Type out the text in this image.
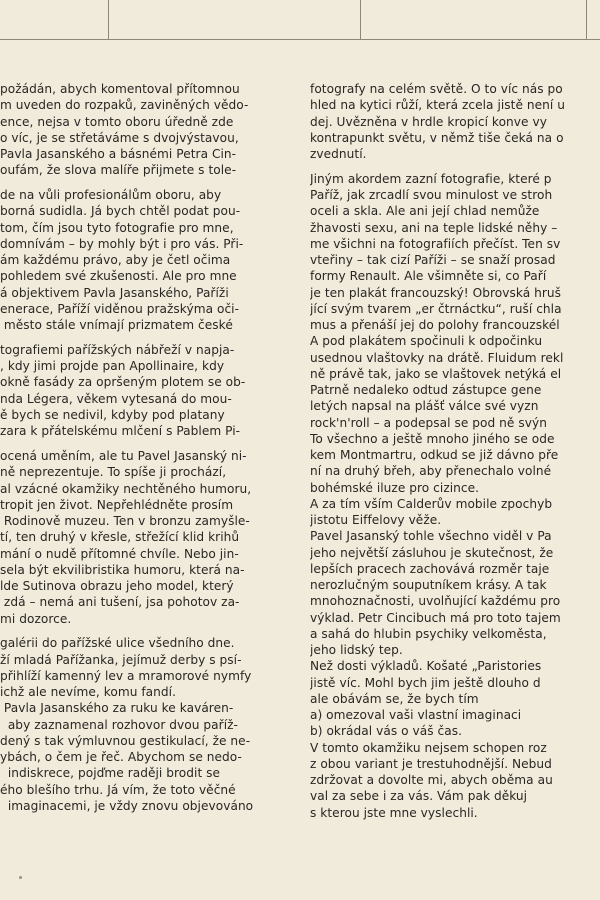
požádán, abych komentoval přítomnou
m uveden do rozpaků, zaviněných vědo-
ence, nejsa v tomto oboru úředně zde
o víc, je se střetáváme s dvojvýstavou,
Pavla Jasanského a básnémi Petra Cin-
oufám, že slova malíře přijmete s tole-
de na vůli profesionálům oboru, aby
borná sudidla. Já bych chtěl podat pou-
tom, čím jsou tyto fotografie pro mne,
domnívám – by mohly být i pro vás. Při-
ám každému právo, aby je četl očima
pohledem své zkušenosti. Ale pro mne
á objektivem Pavla Jasanského, Paříži
enerace, Paříží viděnou pražskýma oči-
město stále vnímají prizmatem české
tografiemi pařížských nábřeží v napja-
, kdy jimi projde pan Apollinaire, kdy
okně fasády za opršeným plotem se ob-
nda Légera, věkem vytesaná do mou-
ě bych se nedivil, kdyby pod platany
zara k přátelskému mlčení s Pablem Pi-
ocená uměním, ale tu Pavel Jasanský ni-
ně neprezentuje. To spíše ji prochází,
al vzácné okamžiky nechtěného humoru,
tropit jen život. Nepřehlédněte prosím
Rodinově muzeu. Ten v bronzu zamyšle-
tí, ten druhý v křesle, střežící klid krihů
mání o nudě přítomné chvíle. Nebo jin-
sela být ekvilibristika humoru, která na-
lde Sutinova obrazu jeho model, který
zdá – nemá ani tušení, jsa pohotov za-
mi dozorce.
galérii do pařížské ulice všedního dne.
ží mladá Pařížanka, jejímuž derby s psí-
přihlíží kamenný lev a mramorové nymfy
ichž ale nevíme, komu fandí.
Pavla Jasanského za ruku ke kaváren-
aby zaznamenal rozhovor dvou paříž-
dený s tak výmluvnou gestikulací, že ne-
ybách, o čem je řeč. Abychom se nedo-
indiskrece, pojďme raději brodit se
ého blešího trhu. Já vím, že toto věčné
imaginacemi, je vždy znovu objevováno
fotografy na celém světě. O to víc nás po
hled na kytici růží, která zcela jistě není u
dej. Uvězněna v hrdle kropicí konve vy
kontrapunkt světu, v němž tiše čeká na o
zvednutí.
Jiným akordem zazní fotografie, které p
Paříž, jak zrcadlí svou minulost ve stroh
oceli a skla. Ale ani její chlad nemůže
žhavosti sexu, ani na teple lidské něhy –
me všichni na fotografiích přečíst. Ten sv
vteřiny – tak cizí Paříži – se snaží prosad
formy Renault. Ale všimněte si, co Paří
je ten plakát francouzský! Obrovská hruš
jící svým tvarem „er čtrnáctku“, ruší chla
mus a přenáší jej do polohy francouzskél
A pod plakátem spočinuli k odpočinku
usednou vlaštovky na drátě. Fluidum rekl
ně právě tak, jako se vlaštovek netýká el
Patrně nedaleko odtud zástupce gene
letých napsal na plášť válce své vyzn
rock'n'roll – a podepsal se pod ně svýn
To všechno a ještě mnoho jiného se ode
kem Montmartru, odkud se již dávno pře
ní na druhý břeh, aby přenechalo volné
bohémské iluze pro cizince.
A za tím vším Calderův mobile zpochyb
jistotu Eiffelovy věže.
Pavel Jasanský tohle všechno viděl v Pa
jeho největší zásluhou je skutečnost, že
lepších pracech zachovává rozměr taje
nerozlučným souputníkem krásy. A tak
mnohoznačnosti, uvolňující každému pro
výklad. Petr Cincibuch má pro toto tajem
a sahá do hlubin psychiky velkoměsta,
jeho lidský tep.
Než dosti výkladů. Košaté „Paristories
jistě víc. Mohl bych jim ještě dlouho d
ale obávám se, že bych tím
a) omezoval vaši vlastní imaginaci
b) okrádal vás o váš čas.
V tomto okamžiku nejsem schopen roz
z obou variant je trestuhodnější. Nebud
zdržovat a dovolte mi, abych oběma au
val za sebe i za vás. Vám pak děkuj
s kterou jste mne vyslechli.
